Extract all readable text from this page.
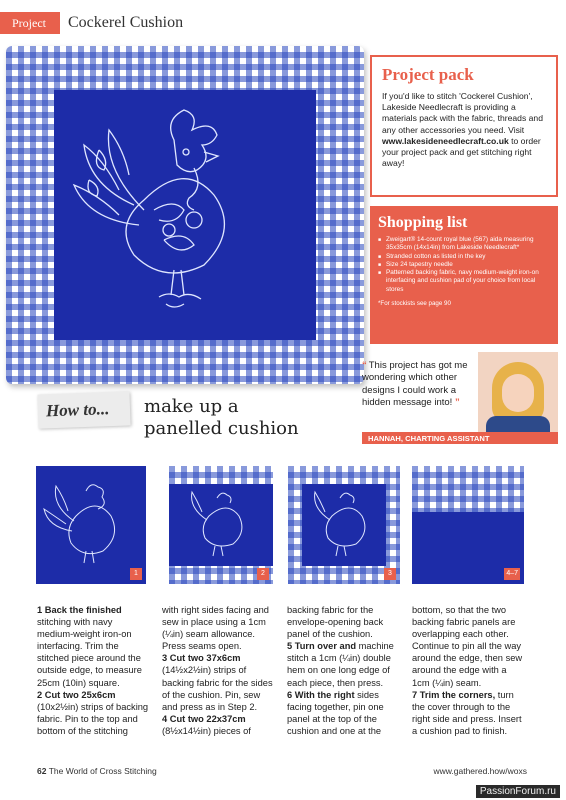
Project	Cockerel Cushion
Project pack

If you'd like to stitch 'Cockerel Cushion', Lakeside Needlecraft is providing a materials pack with the fabric, threads and any other accessories you need. Visit www.lakesideneedlecraft.co.uk to order your project pack and get stitching right away!

Shopping list
■ Zweigart® 14-count royal blue (567) aida measuring 35x35cm (14x14in) from Lakeside Needlecraft*
■ Stranded cotton as listed in the key
■ Size 24 tapestry needle
■ Patterned backing fabric, navy medium-weight iron-on interfacing and cushion pad of your choice from local stores
*For stockists see page 90
“ This project has got me wondering which other designs I could work a hidden message into! ”
HANNAH, CHARTING ASSISTANT
How to... make up a
panelled cushion
1	2	3	4–7

1 Back the finished stitching with navy medium-weight iron-on interfacing. Trim the stitched piece around the outside edge, to measure 25cm (10in) square.

2 Cut two 25x6cm (10x2½in) strips of backing fabric. Pin to the top and bottom of the stitching

with right sides facing and sew in place using a 1cm (¼in) seam allowance. Press seams open.

3 Cut two 37x6cm (14½x2½in) strips of backing fabric for the sides of the cushion. Pin, sew and press as in Step 2.

4 Cut two 22x37cm (8½x14½in) pieces of

backing fabric for the envelope-opening back panel of the cushion.

5 Turn over and machine stitch a 1cm (¼in) double hem on one long edge of each piece, then press.

6 With the right sides facing together, pin one panel at the top of the cushion and one at the

bottom, so that the two backing fabric panels are overlapping each other. Continue to pin all the way around the edge, then sew around the edge with a 1cm (¼in) seam.

7 Trim the corners, turn the cover through to the right side and press. Insert a cushion pad to finish.

62 The World of Cross Stitching	www.gathered.how/woxs
PassionForum.ru
